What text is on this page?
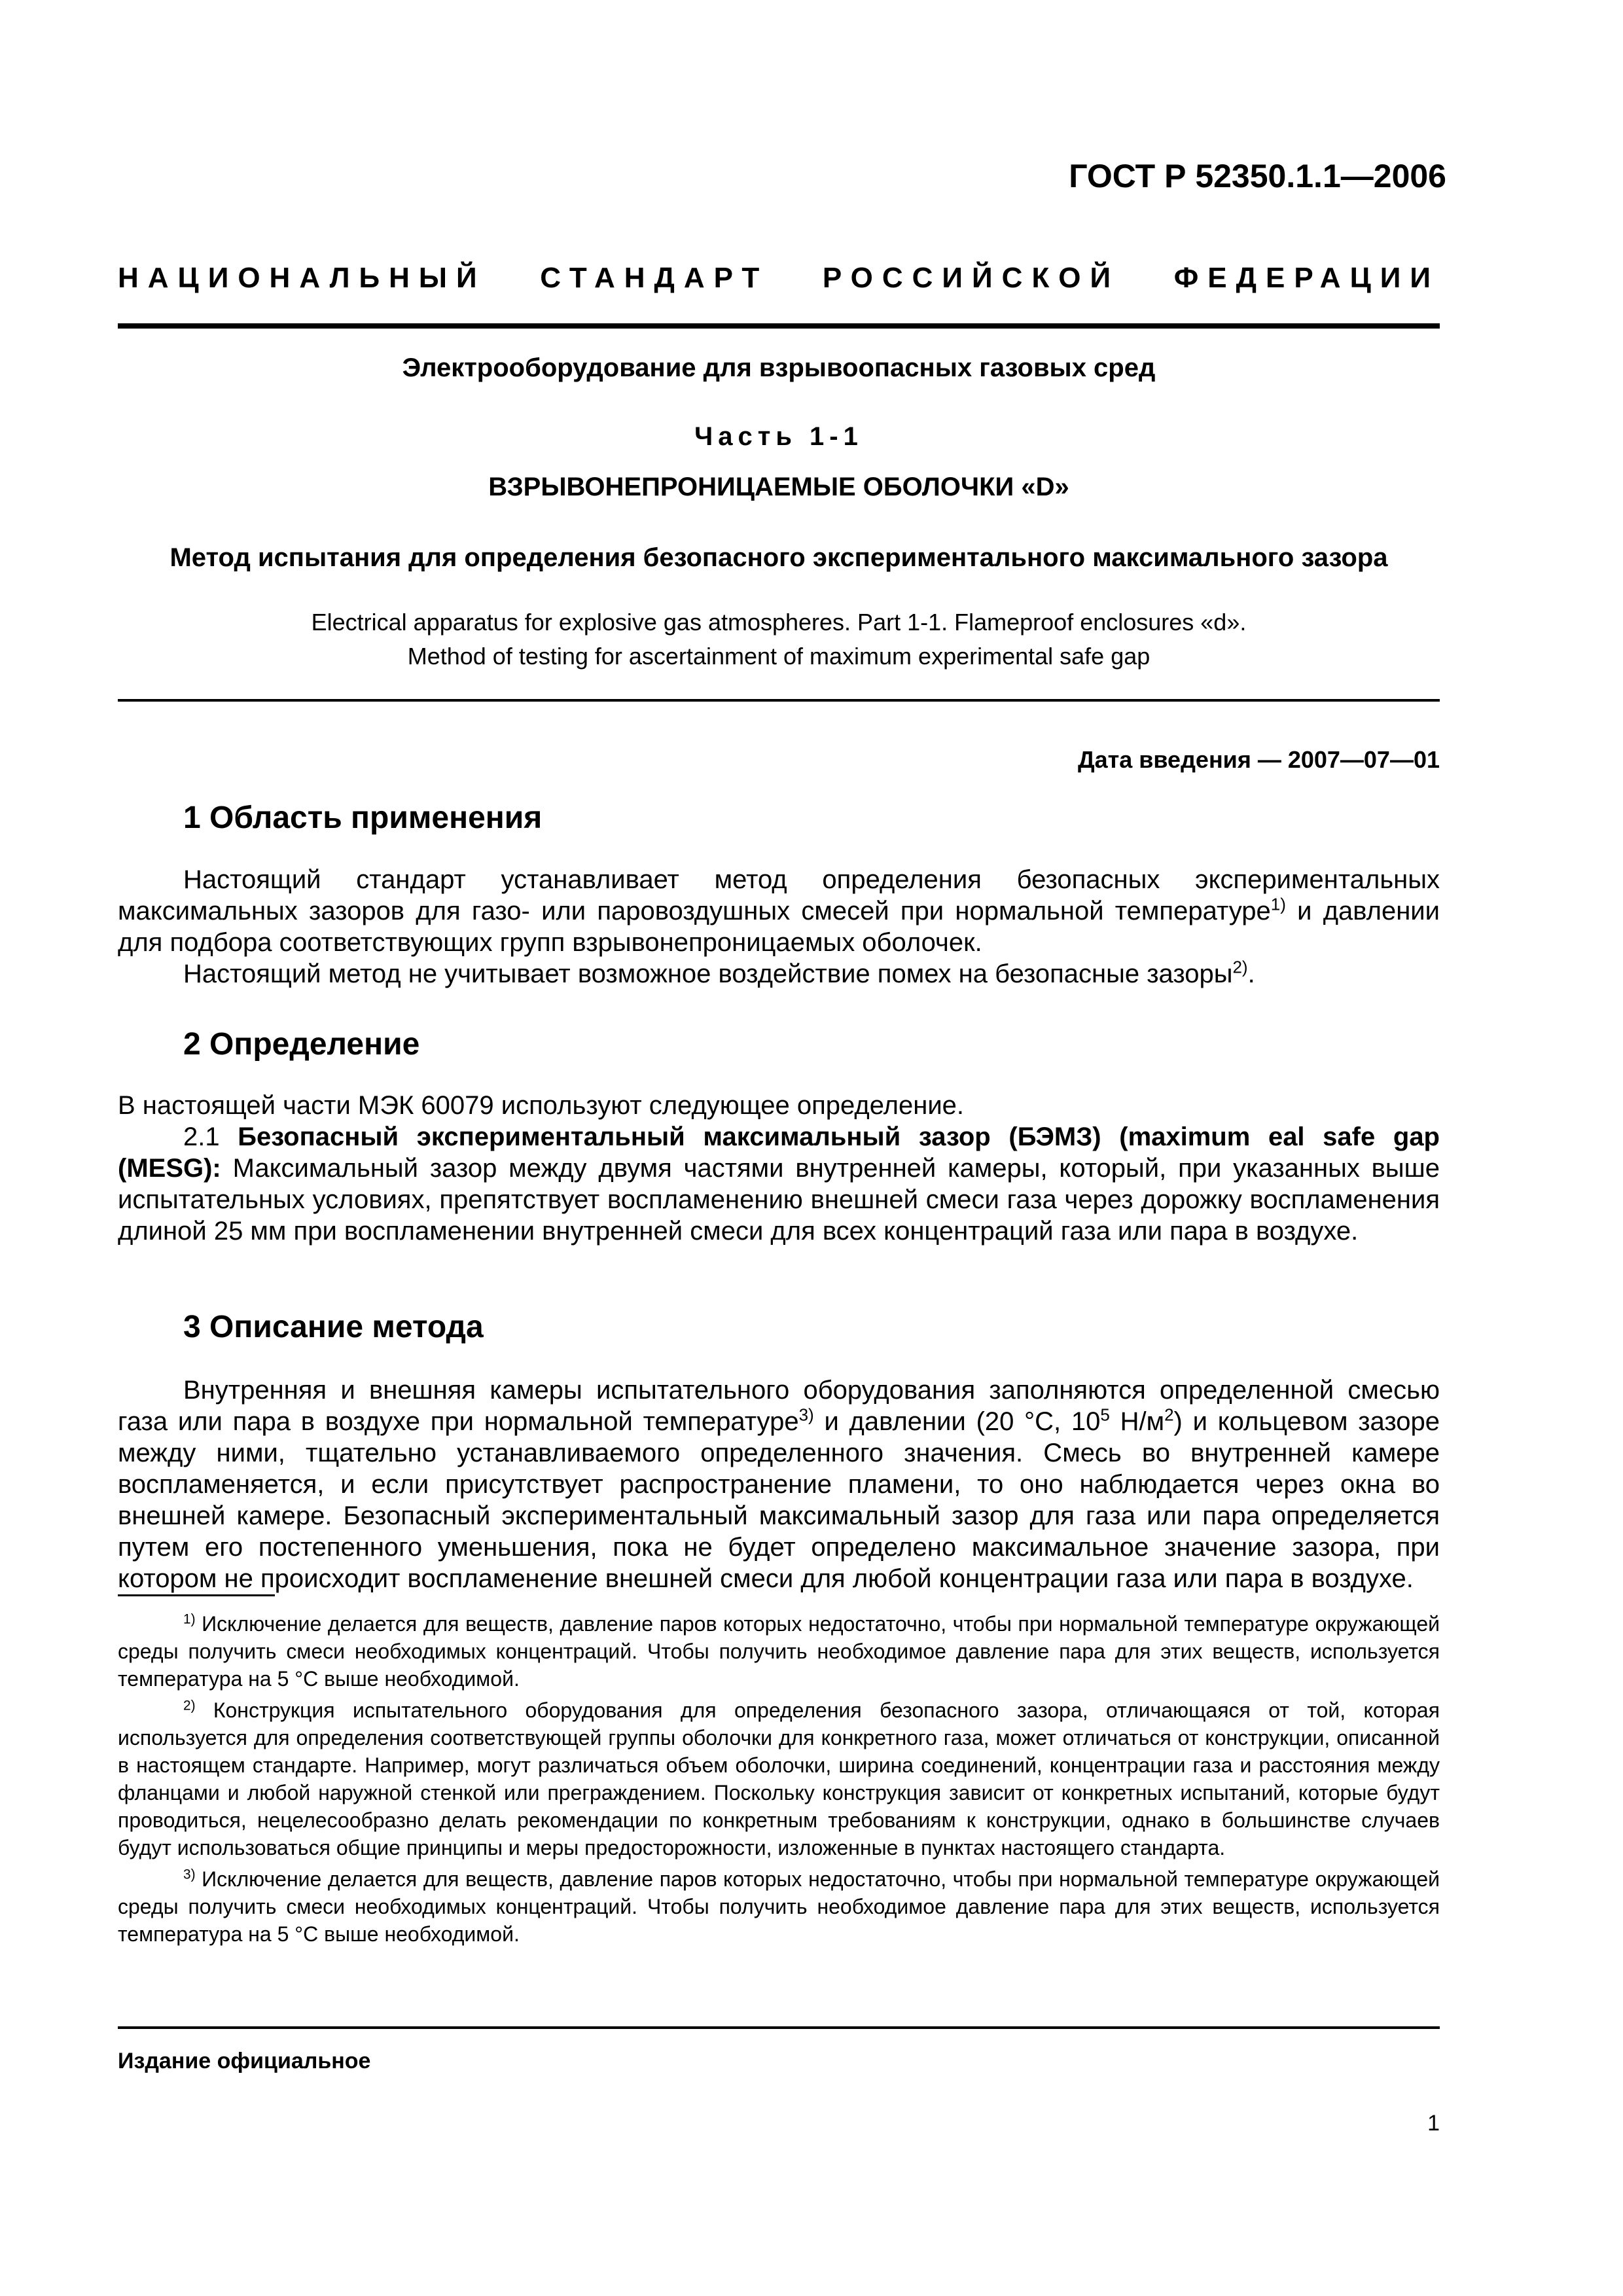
ГОСТ Р 52350.1.1—2006
НАЦИОНАЛЬНЫЙ СТАНДАРТ РОССИЙСКОЙ ФЕДЕРАЦИИ
Электрооборудование для взрывоопасных газовых сред
Часть 1-1
ВЗРЫВОНЕПРОНИЦАЕМЫЕ ОБОЛОЧКИ «D»
Метод испытания для определения безопасного экспериментального максимального зазора
Electrical apparatus for explosive gas atmospheres. Part 1-1. Flameproof enclosures «d».
Method of testing for ascertainment of maximum experimental safe gap
Дата введения — 2007—07—01
1 Область применения

Настоящий стандарт устанавливает метод определения безопасных экспериментальных максимальных зазоров для газо- или паровоздушных смесей при нормальной температуре$^{1)}$ и давлении для подбора соответствующих групп взрывонепроницаемых оболочек.

Настоящий метод не учитывает возможное воздействие помех на безопасные зазоры$^{2)}$.

2 Определение

В настоящей части МЭК 60079 используют следующее определение.

2.1 Безопасный экспериментальный максимальный зазор (БЭМЗ) (maximum eal safe gap (MESG): Максимальный зазор между двумя частями внутренней камеры, который, при указанных выше испытательных условиях, препятствует воспламенению внешней смеси газа через дорожку воспламенения длиной 25 мм при воспламенении внутренней смеси для всех концентраций газа или пара в воздухе.

3 Описание метода

Внутренняя и внешняя камеры испытательного оборудования заполняются определенной смесью газа или пара в воздухе при нормальной температуре$^{3)}$ и давлении (20 °С, $10^5$ $Н/м^2$) и кольцевом зазоре между ними, тщательно устанавливаемого определенного значения. Смесь во внутренней камере воспламеняется, и если присутствует распространение пламени, то оно наблюдается через окна во внешней камере. Безопасный экспериментальный максимальный зазор для газа или пара определяется путем его постепенного уменьшения, пока не будет определено максимальное значение зазора, при котором не происходит воспламенение внешней смеси для любой концентрации газа или пара в воздухе.

$^{1)}$ Исключение делается для веществ, давление паров которых недостаточно, чтобы при нормальной температуре окружающей среды получить смеси необходимых концентраций. Чтобы получить необходимое давление пара для этих веществ, используется температура на 5 °С выше необходимой.

$^{2)}$ Конструкция испытательного оборудования для определения безопасного зазора, отличающаяся от той, которая используется для определения соответствующей группы оболочки для конкретного газа, может отличаться от конструкции, описанной в настоящем стандарте. Например, могут различаться объем оболочки, ширина соединений, концентрации газа и расстояния между фланцами и любой наружной стенкой или преграждением. Поскольку конструкция зависит от конкретных испытаний, которые будут проводиться, нецелесообразно делать рекомендации по конкретным требованиям к конструкции, однако в большинстве случаев будут использоваться общие принципы и меры предосторожности, изложенные в пунктах настоящего стандарта.

$^{3)}$ Исключение делается для веществ, давление паров которых недостаточно, чтобы при нормальной температуре окружающей среды получить смеси необходимых концентраций. Чтобы получить необходимое давление пара для этих веществ, используется температура на 5 °С выше необходимой.

Издание официальное
1
